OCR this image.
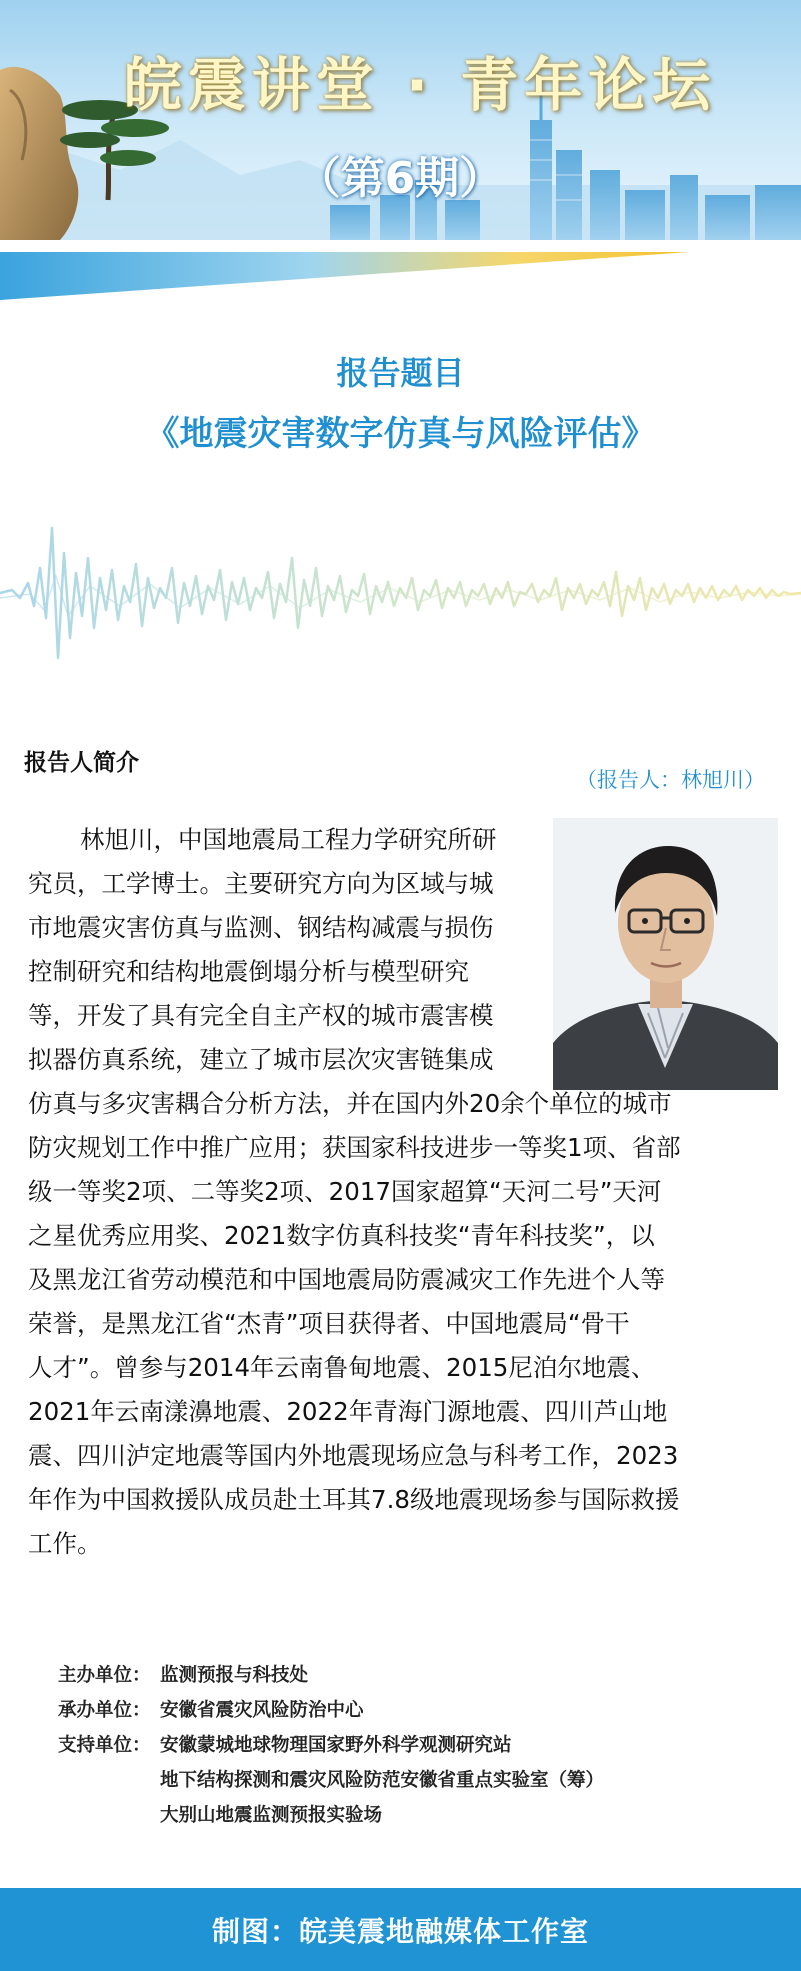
皖震讲堂 · 青年论坛
（第6期）
报告题目
《地震灾害数字仿真与风险评估》
报告人简介
（报告人：林旭川）
林旭川，中国地震局工程力学研究所研
究员，工学博士。主要研究方向为区域与城
市地震灾害仿真与监测、钢结构减震与损伤
控制研究和结构地震倒塌分析与模型研究
等，开发了具有完全自主产权的城市震害模
拟器仿真系统，建立了城市层次灾害链集成
仿真与多灾害耦合分析方法，并在国内外20余个单位的城市
防灾规划工作中推广应用；获国家科技进步一等奖1项、省部
级一等奖2项、二等奖2项、2017国家超算“天河二号”天河
之星优秀应用奖、2021数字仿真科技奖“青年科技奖”，以
及黑龙江省劳动模范和中国地震局防震减灾工作先进个人等
荣誉，是黑龙江省“杰青”项目获得者、中国地震局“骨干
人才”。曾参与2014年云南鲁甸地震、2015尼泊尔地震、
2021年云南漾濞地震、2022年青海门源地震、四川芦山地
震、四川泸定地震等国内外地震现场应急与科考工作，2023
年作为中国救援队成员赴土耳其7.8级地震现场参与国际救援
工作。
主办单位： 监测预报与科技处
承办单位： 安徽省震灾风险防治中心
支持单位： 安徽蒙城地球物理国家野外科学观测研究站
地下结构探测和震灾风险防范安徽省重点实验室（筹）
大别山地震监测预报实验场
制图：皖美震地融媒体工作室
